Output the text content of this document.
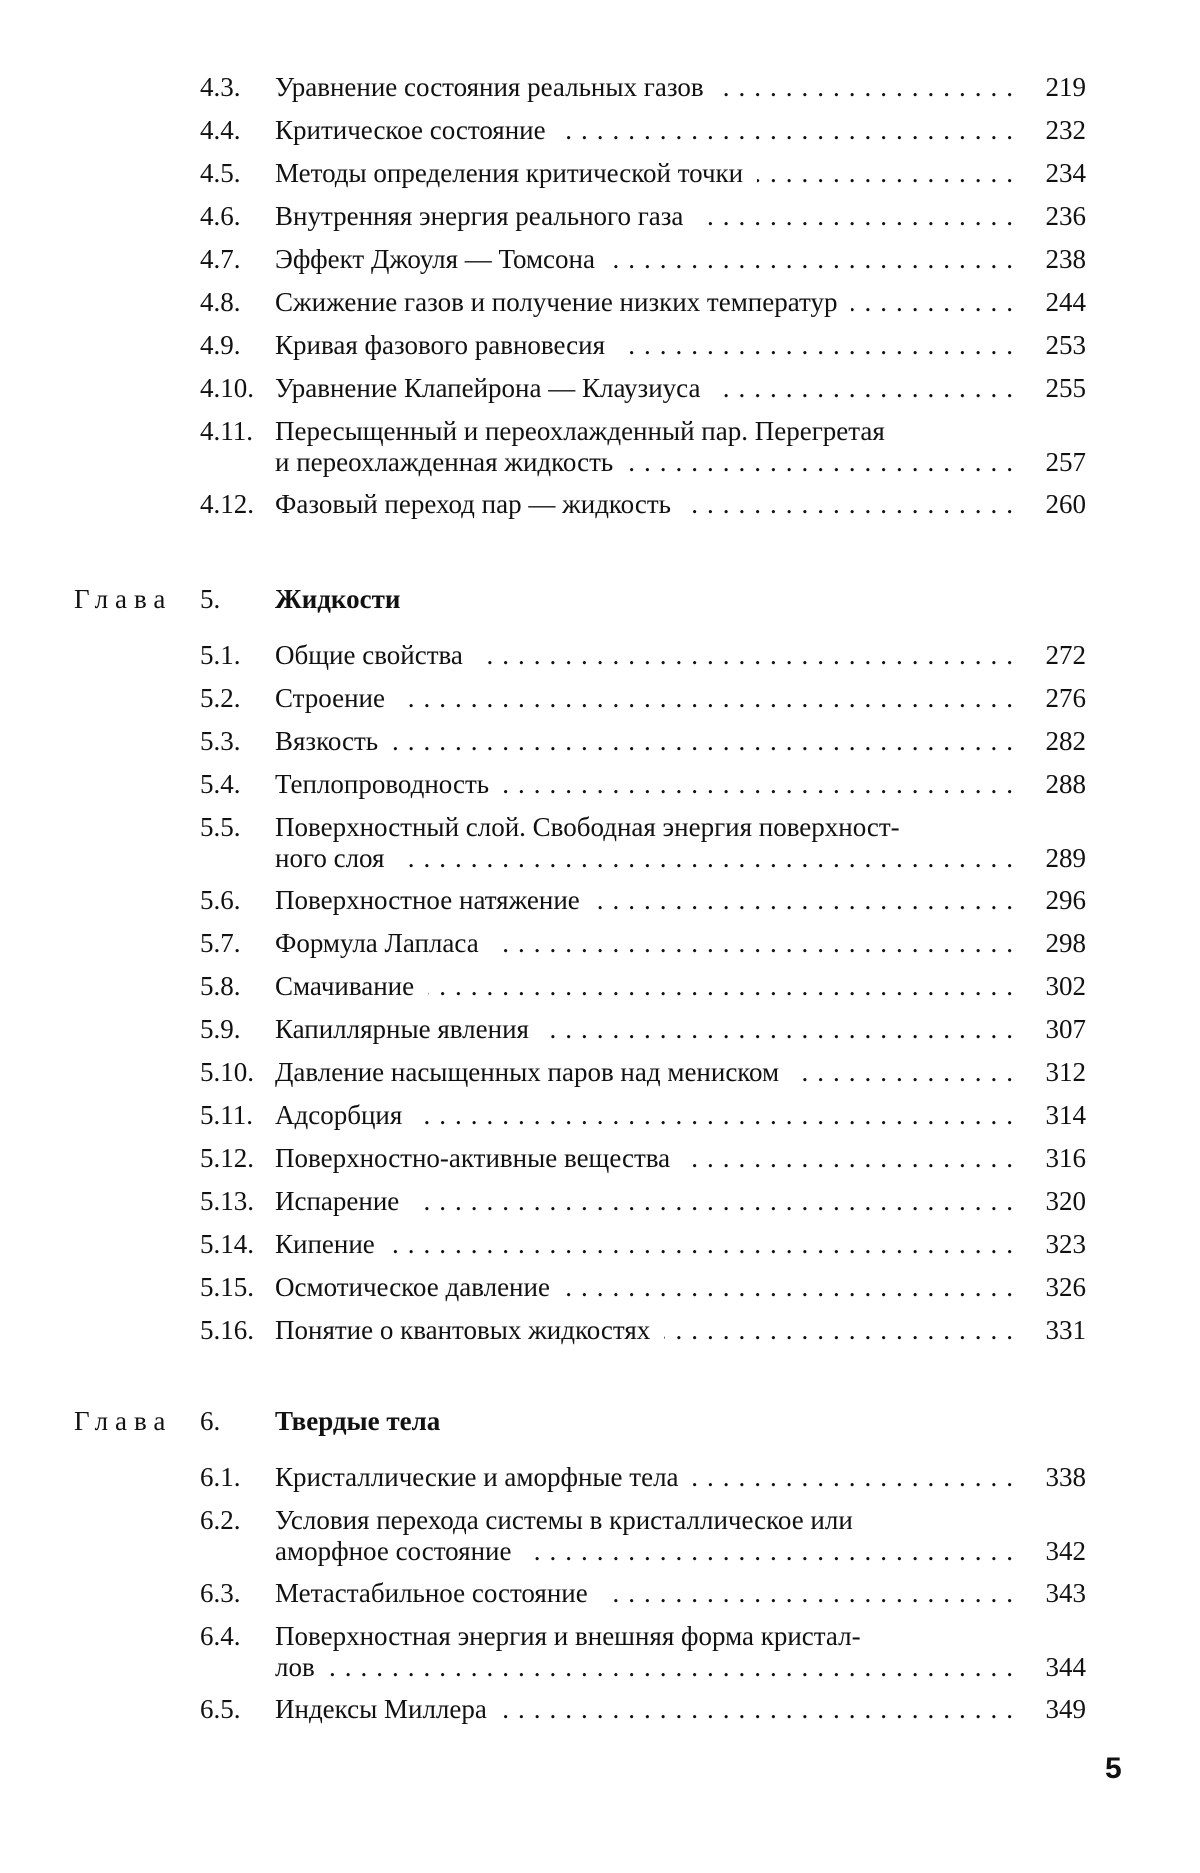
4.3. Уравнение состояния реальных газов	219
....................
4.4. Критическое состояние	232
..............................
4.5. Методы определения критической точки	234
.................
4.6. Внутренняя энергия реального газа	236
....................
4.7. Эффект Джоуля — Томсона	238
..........................
4.8. Сжижение газов и получение низких температур	244
..........
4.9. Кривая фазового равновесия	253
.........................
4.10. Уравнение Клапейрона — Клаузиуса	255
....................
4.11. Пересыщенный и переохлажденный пар. Перегретая
и переохлажденная жидкость	257
.........................
4.12. Фазовый переход пар — жидкость	260
.....................
Глава 5. Жидкости
5.1. Общие свойства	272
...................................
5.2. Строение	276
........................................
5.3. Вязкость	282
........................................
5.4. Теплопроводность	288
.................................
5.5. Поверхностный слой. Свободная энергия поверхност-
ного слоя	289
........................................
5.6. Поверхностное натяжение	296
...........................
5.7. Формула Лапласа	298
.................................
5.8. Смачивание	302
........................................
5.9. Капиллярные явления	307
..............................
5.10. Давление насыщенных паров над мениском	312
...............
5.11. Адсорбция	314
........................................
5.12. Поверхностно-активные вещества	316
.....................
5.13. Испарение	320
........................................
5.14. Кипение	323
........................................
5.15. Осмотическое давление	326
..............................
5.16. Понятие о квантовых жидкостях	331
......................
Глава 6. Твердые тела
6.1. Кристаллические и аморфные тела	338
....................
6.2. Условия перехода системы в кристаллическое или
аморфное состояние	342
...............................
6.3. Метастабильное состояние	343
..........................
6.4. Поверхностная энергия и внешняя форма кристал-
лов	344
............................................
6.5. Индексы Миллера	349
.................................
5
